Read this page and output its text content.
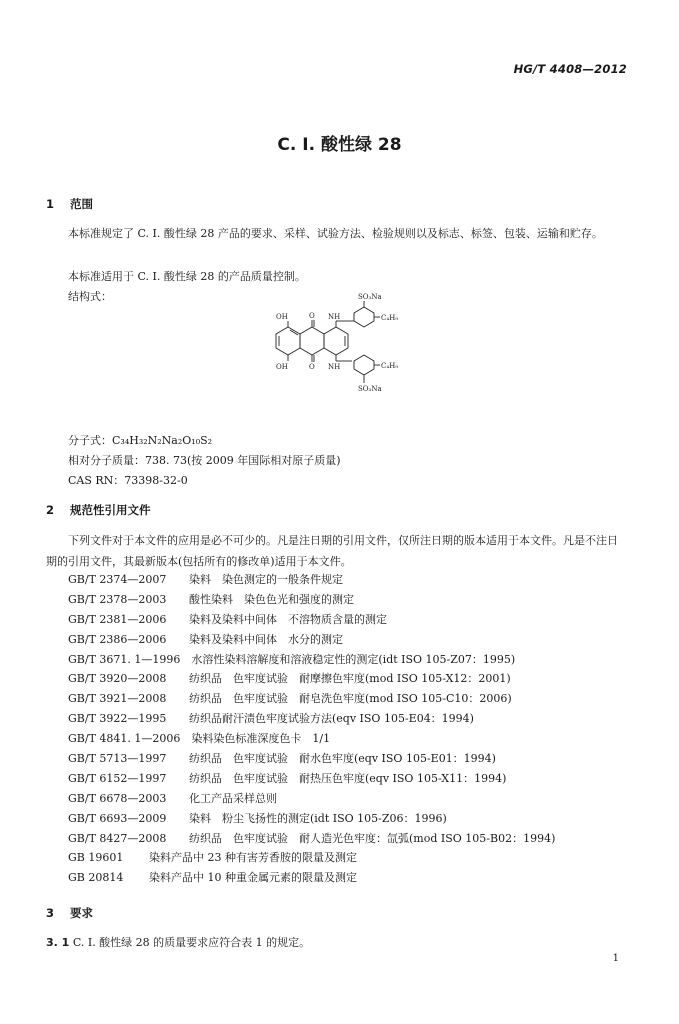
HG/T 4408—2012
C. I. 酸性绿 28
1 范围
本标准规定了 C. I. 酸性绿 28 产品的要求、采样、试验方法、检验规则以及标志、标签、包装、运输和贮存。
本标准适用于 C. I. 酸性绿 28 的产品质量控制。
结构式：	SO₃Na
OH	O NH	C₄H₉
OH	O NH	C₄H₉
SO₃Na
分子式：C₃₄H₃₂N₂Na₂O₁₀S₂
相对分子质量：738. 73(按 2009 年国际相对原子质量)
CAS RN：73398-32-0
2 规范性引用文件
下列文件对于本文件的应用是必不可少的。凡是注日期的引用文件，仅所注日期的版本适用于本文件。凡是不注日期的引用文件，其最新版本(包括所有的修改单)适用于本文件。
GB/T 2374—2007　 染料　染色测定的一般条件规定
GB/T 2378—2003　 酸性染料　染色色光和强度的测定
GB/T 2381—2006　 染料及染料中间体　不溶物质含量的测定
GB/T 2386—2006　 染料及染料中间体　水分的测定
GB/T 3671. 1—1996　 水溶性染料溶解度和溶液稳定性的测定(idt ISO 105-Z07：1995)
GB/T 3920—2008　 纺织品　色牢度试验　耐摩擦色牢度(mod ISO 105-X12：2001)
GB/T 3921—2008　 纺织品　色牢度试验　耐皂洗色牢度(mod ISO 105-C10：2006)
GB/T 3922—1995　 纺织品耐汗渍色牢度试验方法(eqv ISO 105-E04：1994)
GB/T 4841. 1—2006　 染料染色标准深度色卡　1/1
GB/T 5713—1997　 纺织品　色牢度试验　耐水色牢度(eqv ISO 105-E01：1994)
GB/T 6152—1997　 纺织品　色牢度试验　耐热压色牢度(eqv ISO 105-X11：1994)
GB/T 6678—2003　 化工产品采样总则
GB/T 6693—2009　 染料　粉尘飞扬性的测定(idt ISO 105-Z06：1996)
GB/T 8427—2008　 纺织品　色牢度试验　耐人造光色牢度：氙弧(mod ISO 105-B02：1994)
GB 19601　 染料产品中 23 种有害芳香胺的限量及测定
GB 20814　 染料产品中 10 种重金属元素的限量及测定
3 要求
3. 1 C. I. 酸性绿 28 的质量要求应符合表 1 的规定。
1
